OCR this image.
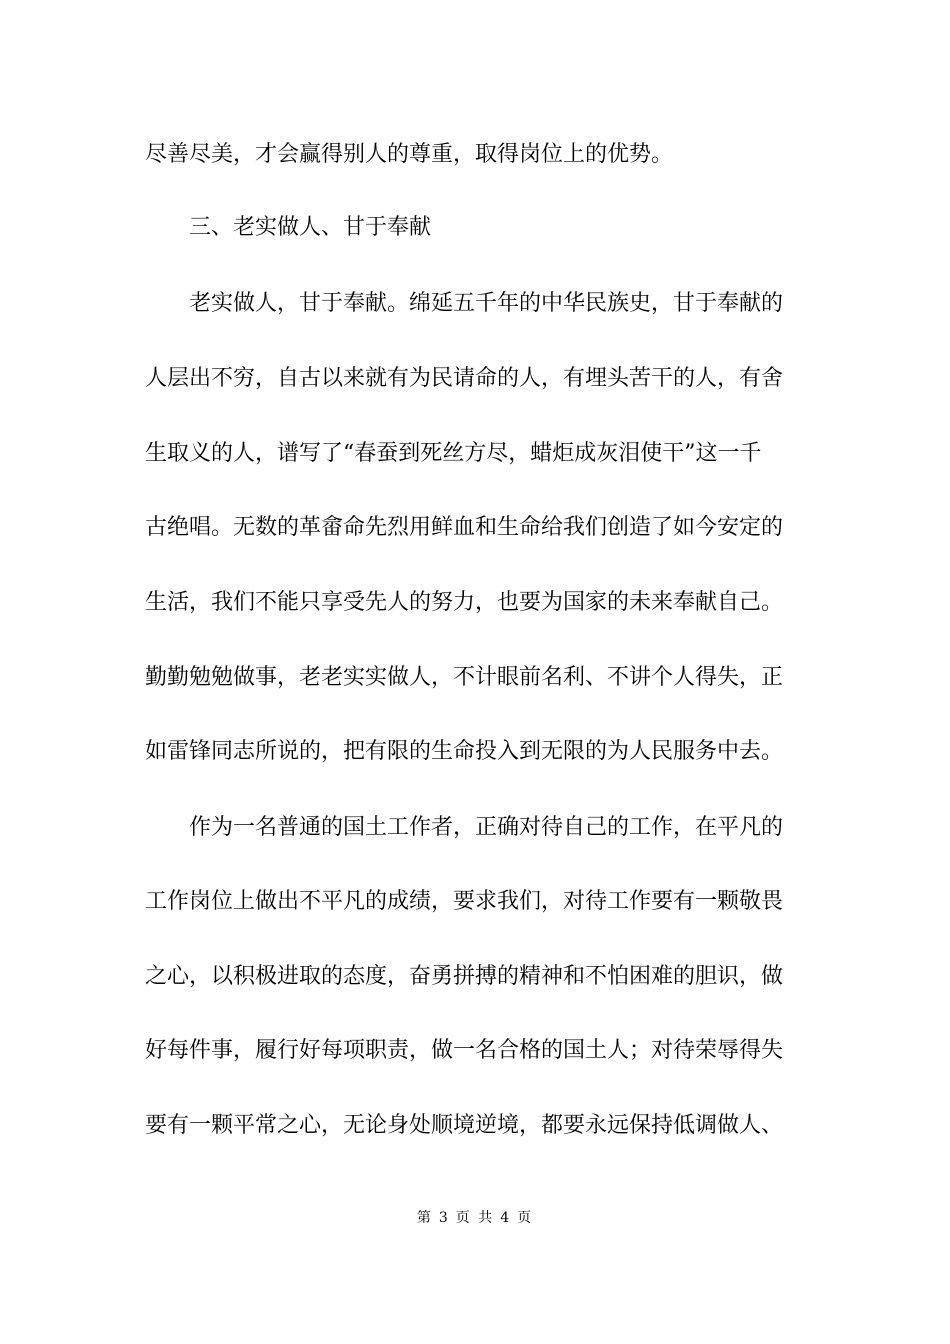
尽善尽美，才会赢得别人的尊重，取得岗位上的优势。
三、老实做人、甘于奉献
老实做人，甘于奉献。绵延五千年的中华民族史，甘于奉献的
人层出不穷，自古以来就有为民请命的人，有埋头苦干的人，有舍
生取义的人，谱写了“春蚕到死丝方尽，蜡炬成灰泪使干”这一千
古绝唱。无数的革畲命先烈用鲜血和生命给我们创造了如今安定的
生活，我们不能只享受先人的努力，也要为国家的未来奉献自己。
勤勤勉勉做事，老老实实做人，不计眼前名利、不讲个人得失，正
如雷锋同志所说的，把有限的生命投入到无限的为人民服务中去。
作为一名普通的国土工作者，正确对待自己的工作，在平凡的
工作岗位上做出不平凡的成绩，要求我们，对待工作要有一颗敬畏
之心，以积极进取的态度，奋勇拼搏的精神和不怕困难的胆识，做
好每件事，履行好每项职责，做一名合格的国土人；对待荣辱得失
要有一颗平常之心，无论身处顺境逆境，都要永远保持低调做人、
第 3 页 共 4 页
